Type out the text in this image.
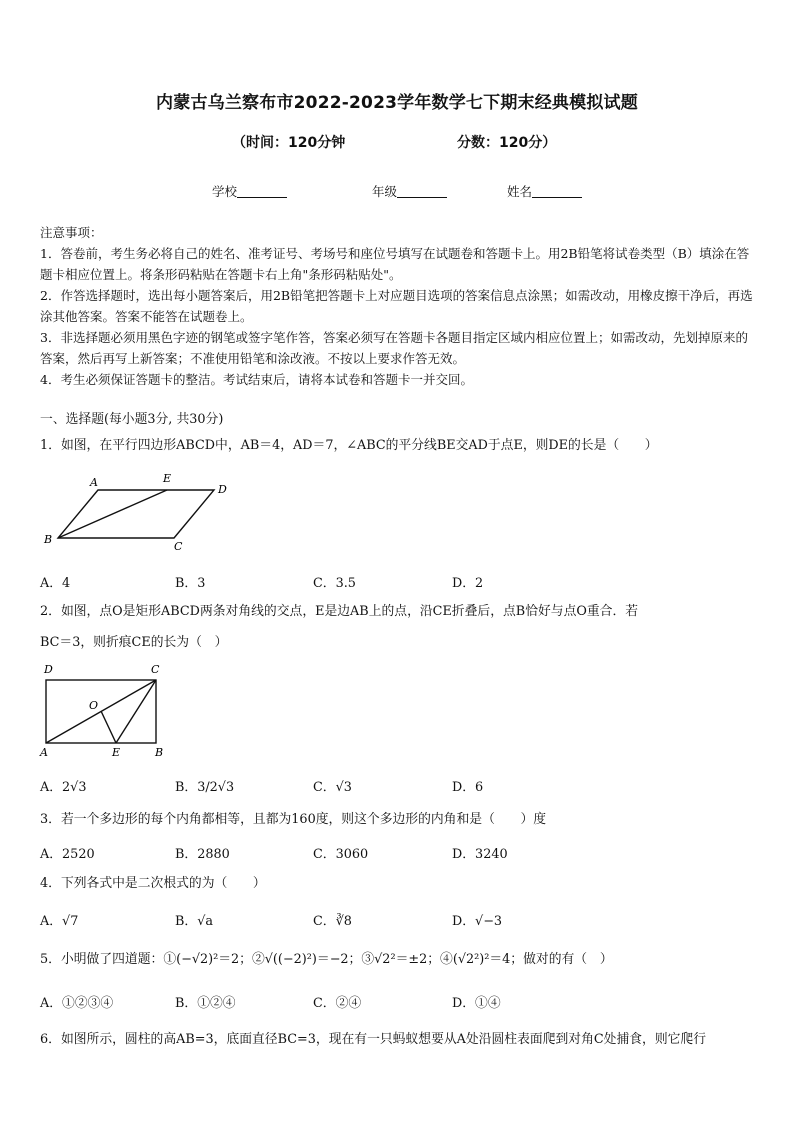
内蒙古乌兰察布市2022-2023学年数学七下期末经典模拟试题
（时间：120分钟	分数：120分）
学校	年级	姓名
注意事项：
1．答卷前，考生务必将自己的姓名、准考证号、考场号和座位号填写在试题卷和答题卡上。用2B铅笔将试卷类型（B）填涂在答题卡相应位置上。将条形码粘贴在答题卡右上角"条形码粘贴处"。
2．作答选择题时，选出每小题答案后，用2B铅笔把答题卡上对应题目选项的答案信息点涂黑；如需改动，用橡皮擦干净后，再选涂其他答案。答案不能答在试题卷上。
3．非选择题必须用黑色字迹的钢笔或签字笔作答，答案必须写在答题卡各题目指定区域内相应位置上；如需改动，先划掉原来的答案，然后再写上新答案；不准使用铅笔和涂改液。不按以上要求作答无效。
4．考生必须保证答题卡的整洁。考试结束后，请将本试卷和答题卡一并交回。
一、选择题(每小题3分, 共30分)
1．如图，在平行四边形ABCD中，AB＝4，AD＝7，∠ABC的平分线BE交AD于点E，则DE的长是（　　）
A	E
D
B
C
A．4	B．3	C．3.5	D．2
2．如图，点O是矩形ABCD两条对角线的交点，E是边AB上的点，沿CE折叠后，点B恰好与点O重合．若
BC＝3，则折痕CE的长为（　）
D	C
O
A	E	B
A．2√3	B．3/2√3	C．√3	D．6
3．若一个多边形的每个内角都相等，且都为160度，则这个多边形的内角和是（　　）度
A．2520	B．2880	C．3060	D．3240
4．下列各式中是二次根式的为（　　）
A．√7	B．√a	C．∛8	D．√−3
5．小明做了四道题：①(−√2)²＝2；②√((−2)²)＝−2；③√2²＝±2；④(√2²)²＝4；做对的有（　）
A．①②③④	B．①②④	C．②④	D．①④
6．如图所示，圆柱的高AB=3，底面直径BC=3，现在有一只蚂蚁想要从A处沿圆柱表面爬到对角C处捕食，则它爬行
